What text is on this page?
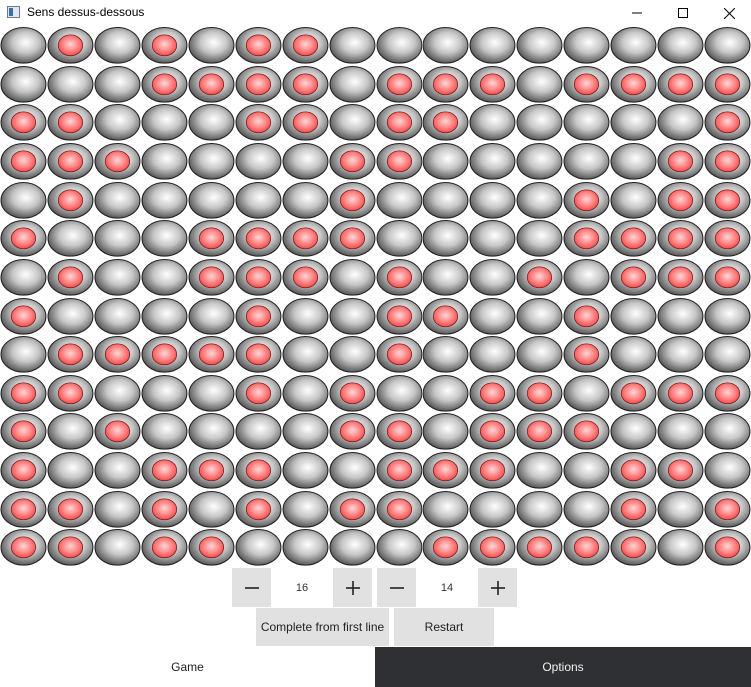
Sens dessus-dessous
16	14
Complete from first line	Restart
Game	Options
